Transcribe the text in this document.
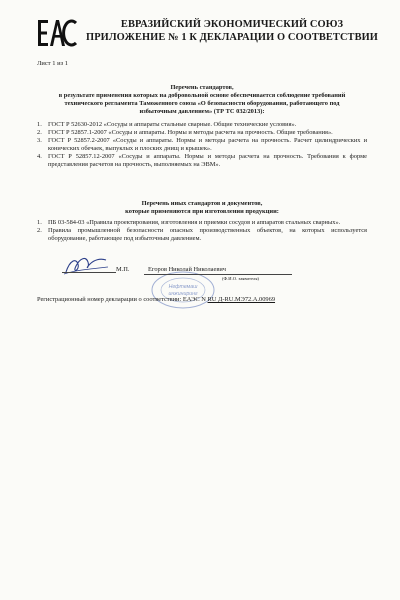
ЕВРАЗИЙСКИЙ ЭКОНОМИЧЕСКИЙ СОЮЗ
ПРИЛОЖЕНИЕ № 1 К ДЕКЛАРАЦИИ О СООТВЕТСТВИИ
Лист 1 из 1
Перечень стандартов,
в результате применения которых на добровольной основе обеспечивается соблюдение требований
технического регламента Таможенного союза «О безопасности оборудования, работающего под
избыточным давлением» (ТР ТС 032/2013):
1. ГОСТ Р 52630-2012 «Сосуды и аппараты стальные сварные. Общие технические условия».
2. ГОСТ Р 52857.1-2007 «Сосуды и аппараты. Нормы и методы расчета на прочность. Общие требования».
3. ГОСТ Р 52857.2-2007 «Сосуды и аппараты. Нормы и методы расчета на прочность. Расчет цилиндрических и конических обечаек, выпуклых и плоских днищ и крышек».
4. ГОСТ Р 52857.12-2007 «Сосуды и аппараты. Нормы и методы расчета на прочность. Требования к форме представления расчетов на прочность, выполняемых на ЭВМ».
Перечень иных стандартов и документов,
которые применяются при изготовлении продукции:
1. ПБ 03-584-03 «Правила проектирования, изготовления и приемки сосудов и аппаратов стальных сварных».
2. Правила промышленной безопасности опасных производственных объектов, на которых используется оборудование, работающее под избыточным давлением.
Нефтемаш
инжиниринг
М.П.	Егоров Николай Николаевич
(Ф.И.О. заявителя)
Регистрационный номер декларации о соответствии: ЕАЭС N RU Д-RU.МЭ72.А.00969
